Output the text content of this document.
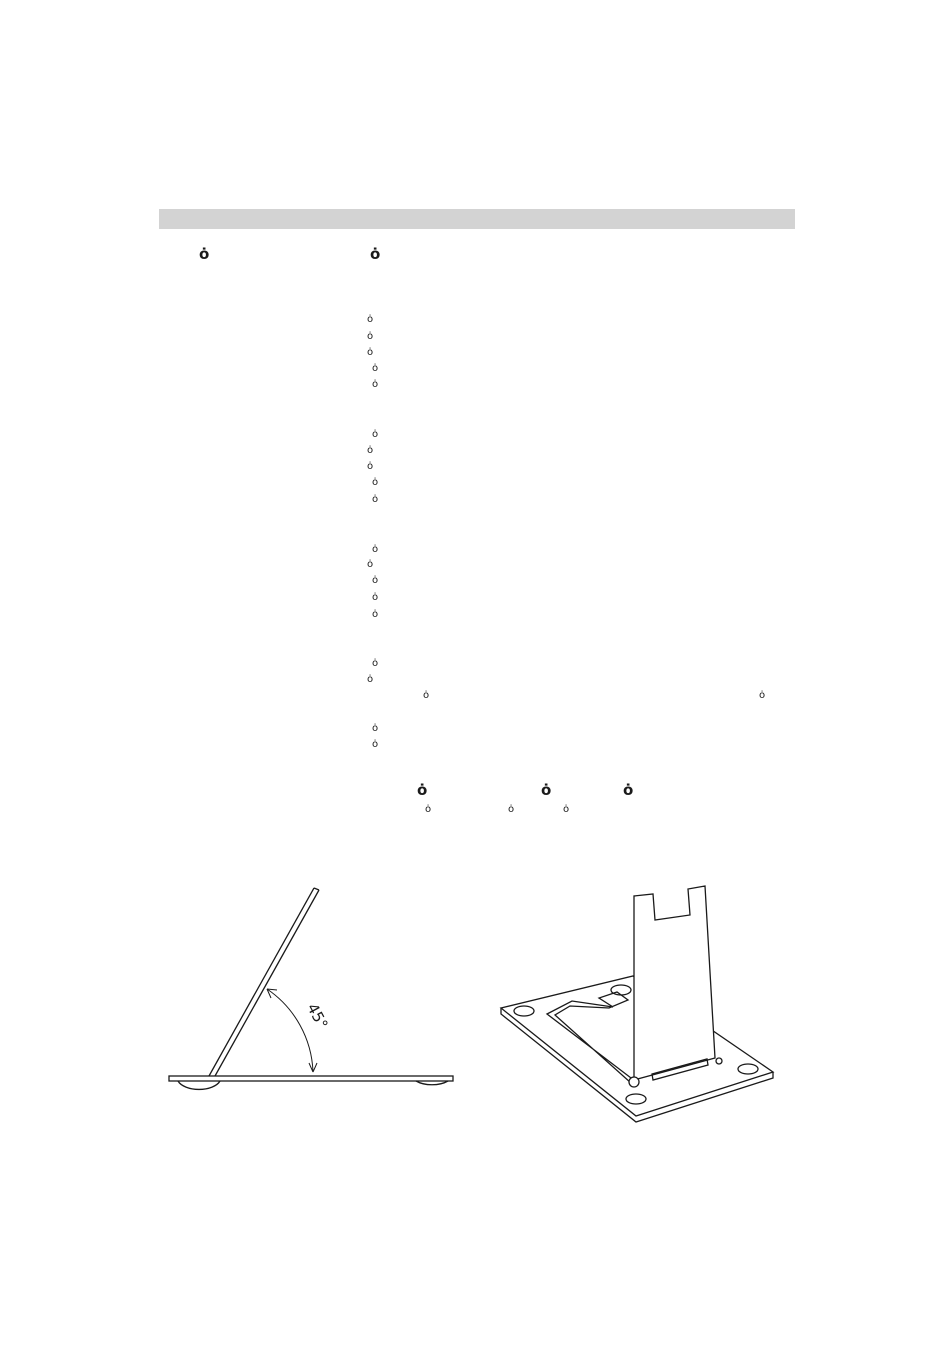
ȯ	ȯ
ȯ
ȯ
ȯ
ȯ
ȯ
ȯ
ȯ
ȯ
ȯ
ȯ
ȯ
ȯ
ȯ
ȯ
ȯ
ȯ
ȯ
ȯ	ȯ
ȯ
ȯ
ȯ	ȯ	ȯ
ȯ	ȯ	ȯ
45°
